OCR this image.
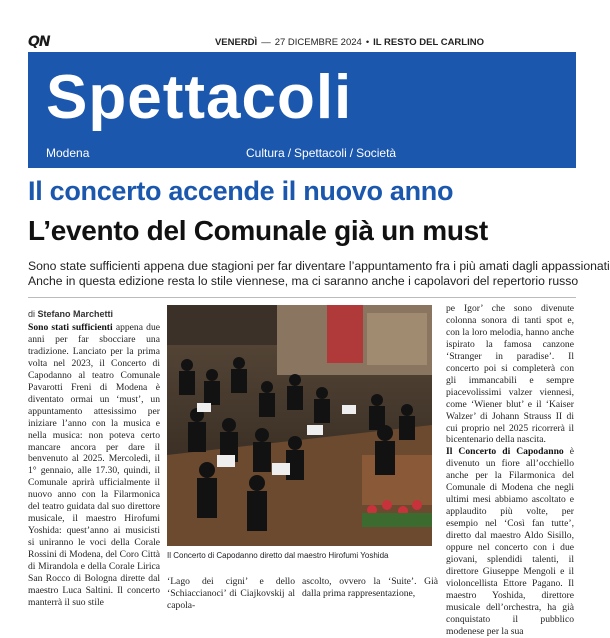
QN	VENERDÌ — 27 DICEMBRE 2024 • IL RESTO DEL CARLINO
Spettacoli
Modena	Cultura / Spettacoli / Società
Il concerto accende il nuovo anno
L’evento del Comunale già un must
Sono state sufficienti appena due stagioni per far diventare l’appuntamento fra i più amati dagli appassionati
Anche in questa edizione resta lo stile viennese, ma ci saranno anche i capolavori del repertorio russo
di Stefano Marchetti
Sono stati sufficienti appena due anni per far sbocciare una tradizione. Lanciato per la prima volta nel 2023, il Concerto di Capodanno al teatro Comunale Pavarotti Freni di Modena è diventato ormai un ‘must’, un appuntamento attesissimo per iniziare l’anno con la musica e nella musica: non poteva certo mancare ancora per dare il benvenuto al 2025. Mercoledì, il 1° gennaio, alle 17.30, quindi, il Comunale aprirà ufficialmente il nuovo anno con la Filarmonica del teatro guidata dal suo direttore musicale, il maestro Hirofumi Yoshida: quest’anno ai musicisti si uniranno le voci della Corale Rossini di Modena, del Coro Città di Mirandola e della Corale Lirica San Rocco di Bologna dirette dal maestro Luca Saltini. Il concerto manterrà il suo stile
Il Concerto di Capodanno diretto dal maestro Hirofumi Yoshida
‘Lago dei cigni’ e dello ‘Schiaccianoci’ di Ciajkovskij al capola-
ascolto, ovvero la ‘Suite’. Già dalla prima rappresentazione,
pe Igor’ che sono divenute colonna sonora di tanti spot e, con la loro melodia, hanno anche ispirato la famosa canzone ‘Stranger in paradise’. Il concerto poi si completerà con gli immancabili e sempre piacevolissimi valzer viennesi, come ‘Wiener blut’ e il ‘Kaiser Walzer’ di Johann Strauss II di cui proprio nel 2025 ricorrerà il bicentenario della nascita.
Il Concerto di Capodanno è divenuto un fiore all’occhiello anche per la Filarmonica del Comunale di Modena che negli ultimi mesi abbiamo ascoltato e applaudito più volte, per esempio nel ‘Così fan tutte’, diretto dal maestro Aldo Sisillo, oppure nel concerto con i due giovani, splendidi talenti, il direttore Giuseppe Mengoli e il violoncellista Ettore Pagano. Il maestro Yoshida, direttore musicale dell’orchestra, ha già conquistato il pubblico modenese per la sua
